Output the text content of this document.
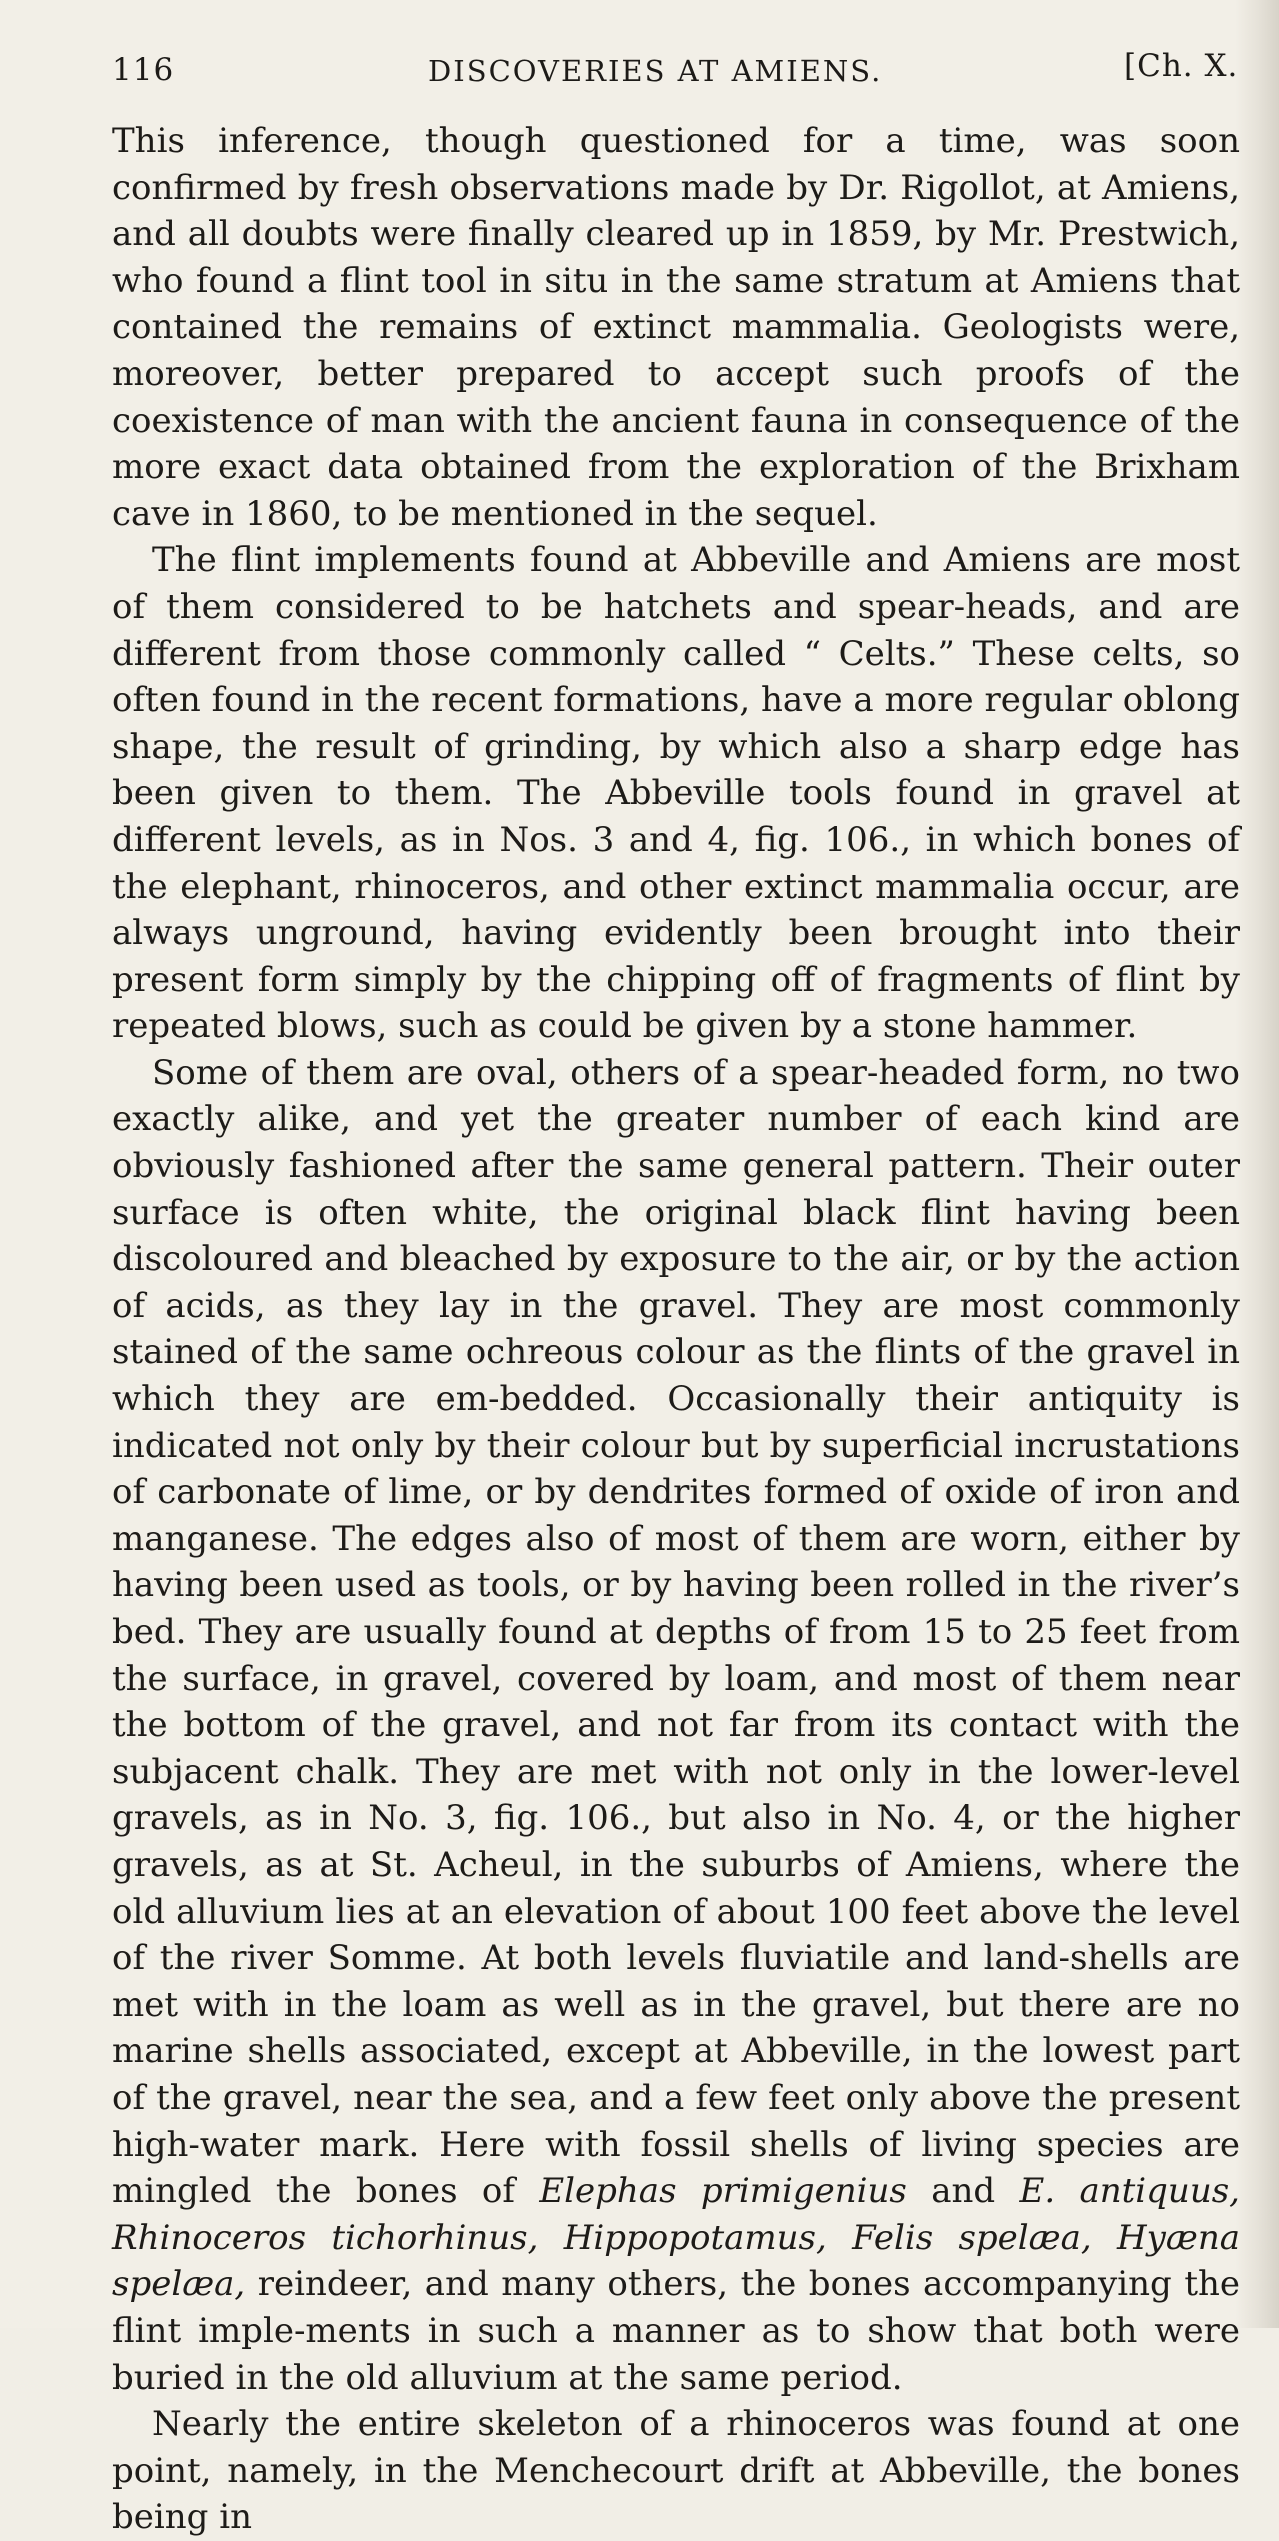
116	DISCOVERIES AT AMIENS.	[Ch. X.

This inference, though questioned for a time, was soon confirmed by fresh observations made by Dr. Rigollot, at Amiens, and all doubts were finally cleared up in 1859, by Mr. Prestwich, who found a flint tool in situ in the same stratum at Amiens that contained the remains of extinct mammalia. Geologists were, moreover, better prepared to accept such proofs of the coexistence of man with the ancient fauna in consequence of the more exact data obtained from the exploration of the Brixham cave in 1860, to be mentioned in the sequel.

The flint implements found at Abbeville and Amiens are most of them considered to be hatchets and spear-heads, and are different from those commonly called “ Celts.” These celts, so often found in the recent formations, have a more regular oblong shape, the result of grinding, by which also a sharp edge has been given to them. The Abbeville tools found in gravel at different levels, as in Nos. 3 and 4, fig. 106., in which bones of the elephant, rhinoceros, and other extinct mammalia occur, are always unground, having evidently been brought into their present form simply by the chipping off of fragments of flint by repeated blows, such as could be given by a stone hammer.

Some of them are oval, others of a spear-headed form, no two exactly alike, and yet the greater number of each kind are obviously fashioned after the same general pattern. Their outer surface is often white, the original black flint having been discoloured and bleached by exposure to the air, or by the action of acids, as they lay in the gravel. They are most commonly stained of the same ochreous colour as the flints of the gravel in which they are em-bedded. Occasionally their antiquity is indicated not only by their colour but by superficial incrustations of carbonate of lime, or by dendrites formed of oxide of iron and manganese. The edges also of most of them are worn, either by having been used as tools, or by having been rolled in the river’s bed. They are usually found at depths of from 15 to 25 feet from the surface, in gravel, covered by loam, and most of them near the bottom of the gravel, and not far from its contact with the subjacent chalk. They are met with not only in the lower-level gravels, as in No. 3, fig. 106., but also in No. 4, or the higher gravels, as at St. Acheul, in the suburbs of Amiens, where the old alluvium lies at an elevation of about 100 feet above the level of the river Somme. At both levels fluviatile and land-shells are met with in the loam as well as in the gravel, but there are no marine shells associated, except at Abbeville, in the lowest part of the gravel, near the sea, and a few feet only above the present high-water mark. Here with fossil shells of living species are mingled the bones of Elephas primigenius and E. antiquus, Rhinoceros tichorhinus, Hippopotamus, Felis spelæa, Hyæna spelæa, reindeer, and many others, the bones accompanying the flint imple-ments in such a manner as to show that both were buried in the old alluvium at the same period.

Nearly the entire skeleton of a rhinoceros was found at one point, namely, in the Menchecourt drift at Abbeville, the bones being in
